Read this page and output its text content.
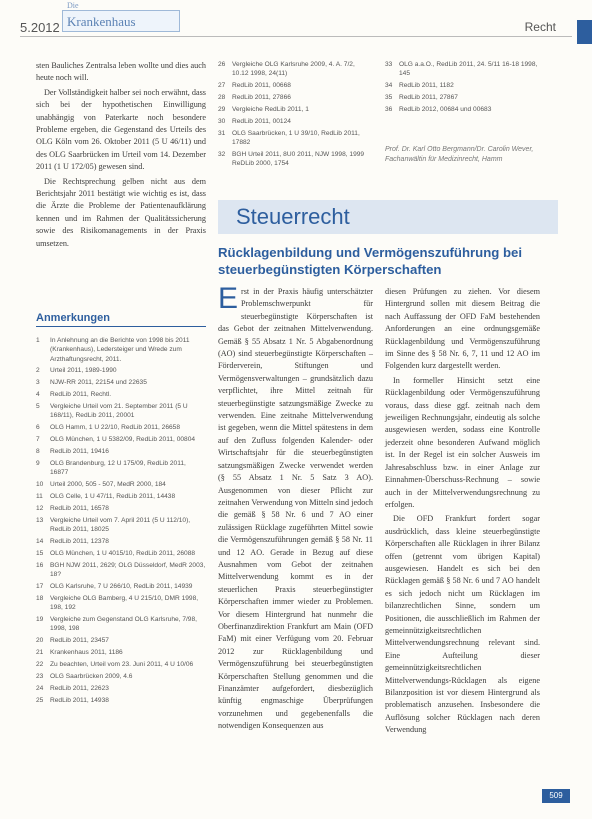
5.2012
Die
Krankenhaus	Recht

sten Bauliches Zentralsa leben wollte und dies auch heute noch will.

Der Vollständigkeit halber sei noch erwähnt, dass sich bei der hypothetischen Einwilligung unabhängig von Paterkarte noch besondere Probleme ergeben, die Gegenstand des Urteils des OLG Köln vom 26. Oktober 2011 (5 U 46/11) und des OLG Saarbrücken im Urteil vom 14. Dezember 2011 (1 U 172/05) gewesen sind.

Die Rechtsprechung gelben nicht aus dem Berichtsjahr 2011 bestätigt wie wichtig es ist, dass die Ärzte die Probleme der Patientenaufklärung kennen und im Rahmen der Qualitätssicherung sowie des Risikomanagements in der Praxis umsetzen.

Anmerkungen
1 In Anlehnung an die Berichte von 1998 bis 2011 (Krankenhaus), Ledersteiger und Wrede zum Arzthaftungsrecht, 2011.
2 Urteil 2011, 1989-1990
3 NJW-RR 2011, 22154 und 22635
4 RedLib 2011, Rechtl.
5 Vergleiche Urteil vom 21. September 2011 (5 U 168/11), RedLib 2011, 20001
6 OLG Hamm, 1 U 22/10, RedLib 2011, 26658
7 OLG München, 1 U 5382/09, RedLib 2011, 00804
8 RedLib 2011, 19416
9 OLG Brandenburg, 12 U 175/09, RedLib 2011, 16877
10 Urteil 2000, 505 - 507, MedR 2000, 184
11 OLG Celle, 1 U 47/11, RedLib 2011, 14438
12 RedLib 2011, 16578
13 Vergleiche Urteil vom 7. April 2011 (5 U 112/10), RedLib 2011, 18025
14 RedLib 2011, 12378
15 OLG München, 1 U 4015/10, RedLib 2011, 26088
16 BGH NJW 2011, 2629; OLG Düsseldorf, MedR 2003, 18?
17 OLG Karlsruhe, 7 U 266/10, RedLib 2011, 14939
18 Vergleiche OLG Bamberg, 4 U 215/10, DMR 1998, 198, 192
19 Vergleiche zum Gegenstand OLG Karlsruhe, 7/98, 1998, 198
20 RedLib 2011, 23457
21 Krankenhaus 2011, 1186
22 Zu beachten, Urteil vom 23. Juni 2011, 4 U 10/06
23 OLG Saarbrücken 2009, 4.6
24 RedLib 2011, 22623
25 RedLib 2011, 14938
26 Vergleiche OLG Karlsruhe 2009, 4. A. 7/2, 10.12 1998, 24(11)
27 RedLib 2011, 00668
28 RedLib 2011, 27866
29 Vergleiche RedLib 2011, 1
30 RedLib 2011, 00124
31 OLG Saarbrücken, 1 U 39/10, RedLib 2011, 17882
32 BGH Urteil 2011, 8U0 2011, NJW 1998, 1999 ReDLib 2000, 1754
33 OLG a.a.O., RedLib 2011, 24. 5/11 16-18 1998, 145
34 RedLib 2011, 1182
35 RedLib 2011, 27867
36 RedLib 2012, 00684 und 00683
Prof. Dr. Karl Otto Bergmann/Dr. Carolin Wever, Fachanwältin für Medizinrecht, Hamm
Steuerrecht
Rücklagenbildung und Vermögenszuführung bei steuerbegünstigten Körperschaften

Erst in der Praxis häufig unterschätzter Problemschwerpunkt für steuerbegünstigte Körperschaften ist das Gebot der zeitnahen Mittelverwendung. Gemäß § 55 Absatz 1 Nr. 5 Abgabenordnung (AO) sind steuerbegünstigte Körperschaften – Förderverein, Stiftungen und Vermögensverwaltungen – grundsätzlich dazu verpflichtet, ihre Mittel zeitnah für steuerbegünstigte satzungsmäßige Zwecke zu verwenden. Eine zeitnahe Mittelverwendung ist gegeben, wenn die Mittel spätestens in dem auf den Zufluss folgenden Kalender- oder Wirtschaftsjahr für die steuerbegünstigten satzungsmäßigen Zwecke verwendet werden (§ 55 Absatz 1 Nr. 5 Satz 3 AO). Ausgenommen von dieser Pflicht zur zeitnahen Verwendung von Mitteln sind jedoch die gemäß § 58 Nr. 6 und 7 AO einer zulässigen Rücklage zugeführten Mittel sowie die Vermögenszuführungen gemäß § 58 Nr. 11 und 12 AO. Gerade in Bezug auf diese Ausnahmen vom Gebot der zeitnahen Mittelverwendung kommt es in der steuerlichen Praxis steuerbegünstigter Körperschaften immer wieder zu Problemen. Vor diesem Hintergrund hat nunmehr die Oberfinanzdirektion Frankfurt am Main (OFD FaM) mit einer Verfügung vom 20. Februar 2012 zur Rücklagenbildung und Vermögenszuführung bei steuerbegünstigten Körperschaften Stellung genommen und die Finanzämter aufgefordert, diesbezüglich künftig engmaschige Überprüfungen vorzunehmen und gegebenenfalls die notwendigen Konsequenzen aus

diesen Prüfungen zu ziehen. Vor diesem Hintergrund sollen mit diesem Beitrag die nach Auffassung der OFD FaM bestehenden Anforderungen an eine ordnungsgemäße Rücklagenbildung und Vermögenszuführung im Sinne des § 58 Nr. 6, 7, 11 und 12 AO im Folgenden kurz dargestellt werden.

In formeller Hinsicht setzt eine Rücklagenbildung oder Vermögenszuführung voraus, dass diese ggf. zeitnah nach dem jeweiligen Rechnungsjahr, eindeutig als solche ausgewiesen werden, sodass eine Kontrolle jederzeit ohne besonderen Aufwand möglich ist. In der Regel ist ein solcher Ausweis im Jahresabschluss bzw. in einer Anlage zur Einnahmen-Überschuss-Rechnung – sowie auch in der Mittelverwendungsrechnung zu erfolgen.

Die OFD Frankfurt fordert sogar ausdrücklich, dass kleine steuerbegünstigte Körperschaften alle Rücklagen in ihrer Bilanz offen (getrennt vom übrigen Kapital) ausgewiesen. Handelt es sich bei den Rücklagen gemäß § 58 Nr. 6 und 7 AO handelt es sich jedoch nicht um Rücklagen im bilanzrechtlichen Sinne, sondern um Positionen, die ausschließlich im Rahmen der gemeinnützigkeitsrechtlichen Mittelverwendungsrechnung relevant sind. Eine Aufteilung dieser gemeinnützigkeitsrechtlichen Mittelverwendungs-Rücklagen als eigene Bilanzposition ist vor diesem Hintergrund als problematisch anzusehen. Insbesondere die Auflösung solcher Rücklagen nach deren Verwendung

509
